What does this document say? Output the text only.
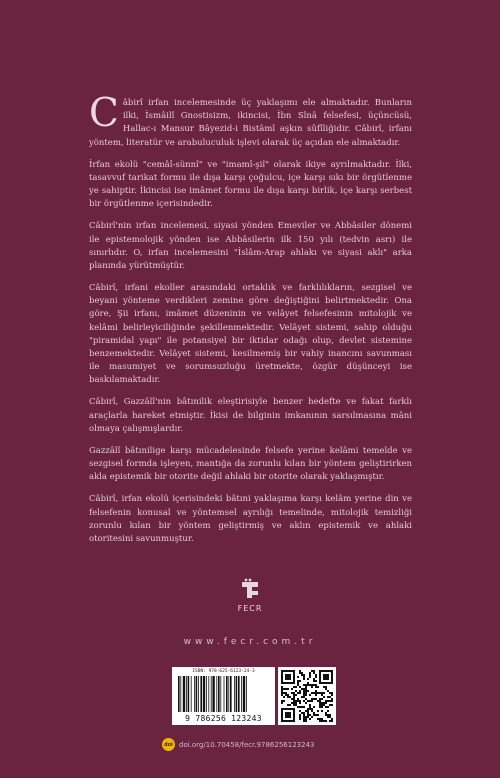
Câbirî irfan incelemesinde üç yaklaşımı ele almaktadır. Bunların ilki, İsmâilî Gnostisizm, ikincisi, İbn Sînâ felsefesi, üçüncüsü, Hallac-ı Mansur Bâyezid-i Bistâmî aşkın sûfîliğidir. Câbirî, irfanı yöntem, literatür ve arabuluculuk işlevi olarak üç açıdan ele almaktadır.

İrfan ekolü "cemâî-sünnî" ve "imamî-şiî" olarak ikiye ayrılmaktadır. İlki, tasavvuf tarikat formu ile dışa karşı çoğulcu, içe karşı sıkı bir örgütlenme ye sahiptir. İkincisi ise imâmet formu ile dışa karşı birlik, içe karşı serbest bir örgütlenme içerisindedir.

Câbirî'nin irfan incelemesi, siyasi yönden Emeviler ve Abbâsiler dönemi ile epistemolojik yönden ise Abbâsilerin ilk 150 yılı (tedvin asrı) ile sınırlıdır. O, irfan incelemesini "İslâm-Arap ahlakı ve siyasi aklı" arka planında yürütmüştür.

Câbirî, irfani ekoller arasındaki ortaklık ve farklılıkların, sezgisel ve beyani yönteme verdikleri zemine göre değiştiğini belirtmektedir. Ona göre, Şii irfanı, imâmet düzeninin ve velâyet felsefesinin mitolojik ve kelâmi belirleyiciliğinde şekillenmektedir. Velâyet sistemi, sahip olduğu "piramidal yapı" ile potansiyel bir iktidar odağı olup, devlet sistemine benzemektedir. Velâyet sistemi, kesilmemiş bir vahiy inancını savunması ile masumiyet ve sorumsuzluğu üretmekte, özgür düşünceyi ise baskılamaktadır.

Câbirî, Gazzâlî'nin bâtınilik eleştirisiyle benzer hedefte ve fakat farklı araçlarla hareket etmiştir. İkisi de bilginin imkanının sarsılmasına mâni olmaya çalışmışlardır.

Gazzâlî bâtınilige karşı mücadelesinde felsefe yerine kelâmi temelde ve sezgisel formda işleyen, mantığa da zorunlu kılan bir yöntem geliştirirken akla epistemik bir otorite değil ahlaki bir otorite olarak yaklaşmıştır.

Câbirî, irfan ekolü içerisindeki bâtıni yaklaşıma karşı kelâm yerine din ve felsefenin konusal ve yöntemsel ayrılığı temelinde, mitolojik temizliği zorunlu kılan bir yöntem geliştirmiş ve aklın epistemik ve ahlaki otoritesini savunmuştur.

FECR
www.fecr.com.tr
ISBN: 978-625-6123-24-3
9 786256 123243
doi doi.org/10.70458/fecr.9786256123243
